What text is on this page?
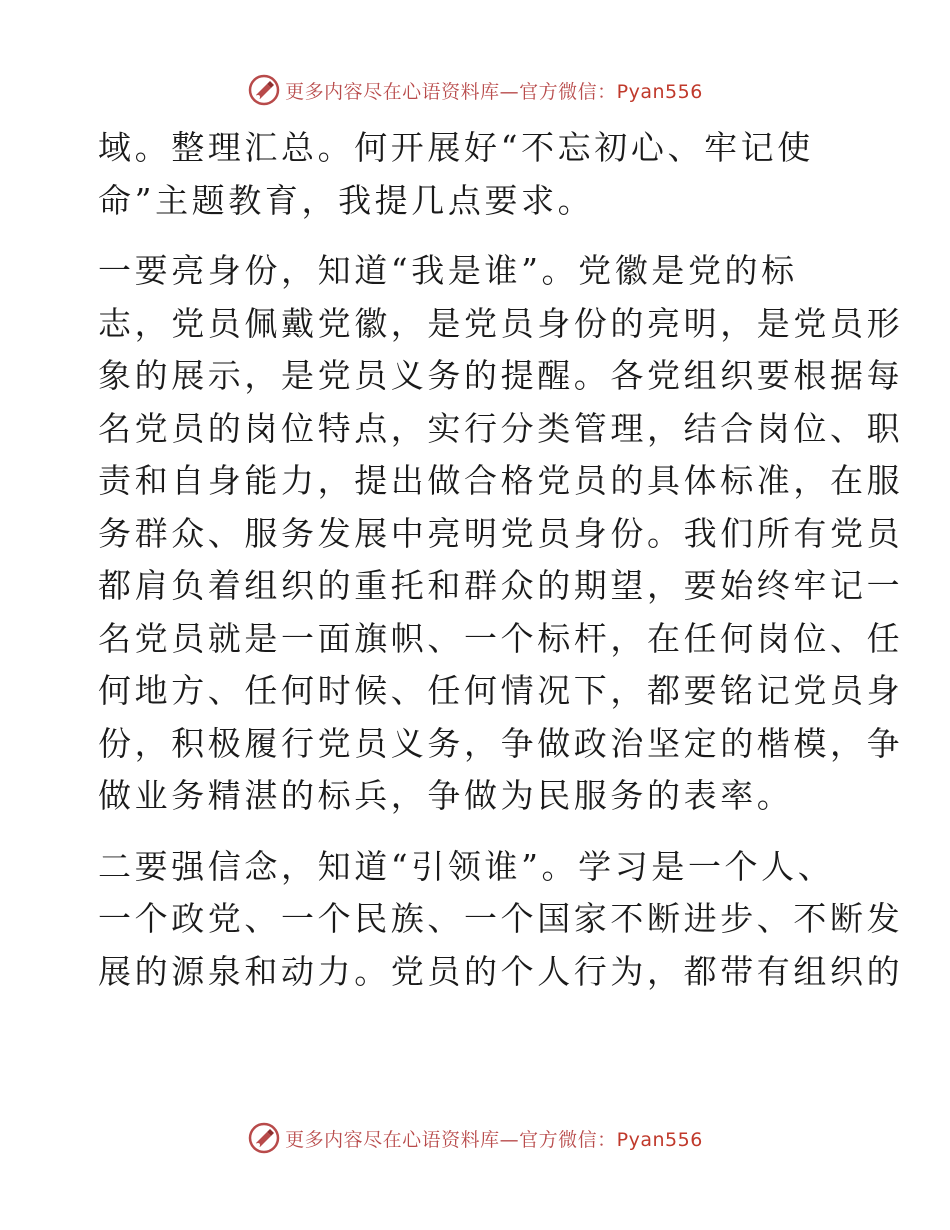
更多内容尽在心语资料库—官方微信：Pyan556

域。整理汇总。何开展好“不忘初心、牢记使
命”主题教育，我提几点要求。

一要亮身份，知道“我是谁”。党徽是党的标
志，党员佩戴党徽，是党员身份的亮明，是党员形
象的展示，是党员义务的提醒。各党组织要根据每
名党员的岗位特点，实行分类管理，结合岗位、职
责和自身能力，提出做合格党员的具体标准，在服
务群众、服务发展中亮明党员身份。我们所有党员
都肩负着组织的重托和群众的期望，要始终牢记一
名党员就是一面旗帜、一个标杆，在任何岗位、任
何地方、任何时候、任何情况下，都要铭记党员身
份，积极履行党员义务，争做政治坚定的楷模，争
做业务精湛的标兵，争做为民服务的表率。

二要强信念，知道“引领谁”。学习是一个人、
一个政党、一个民族、一个国家不断进步、不断发
展的源泉和动力。党员的个人行为，都带有组织的

更多内容尽在心语资料库—官方微信：Pyan556
